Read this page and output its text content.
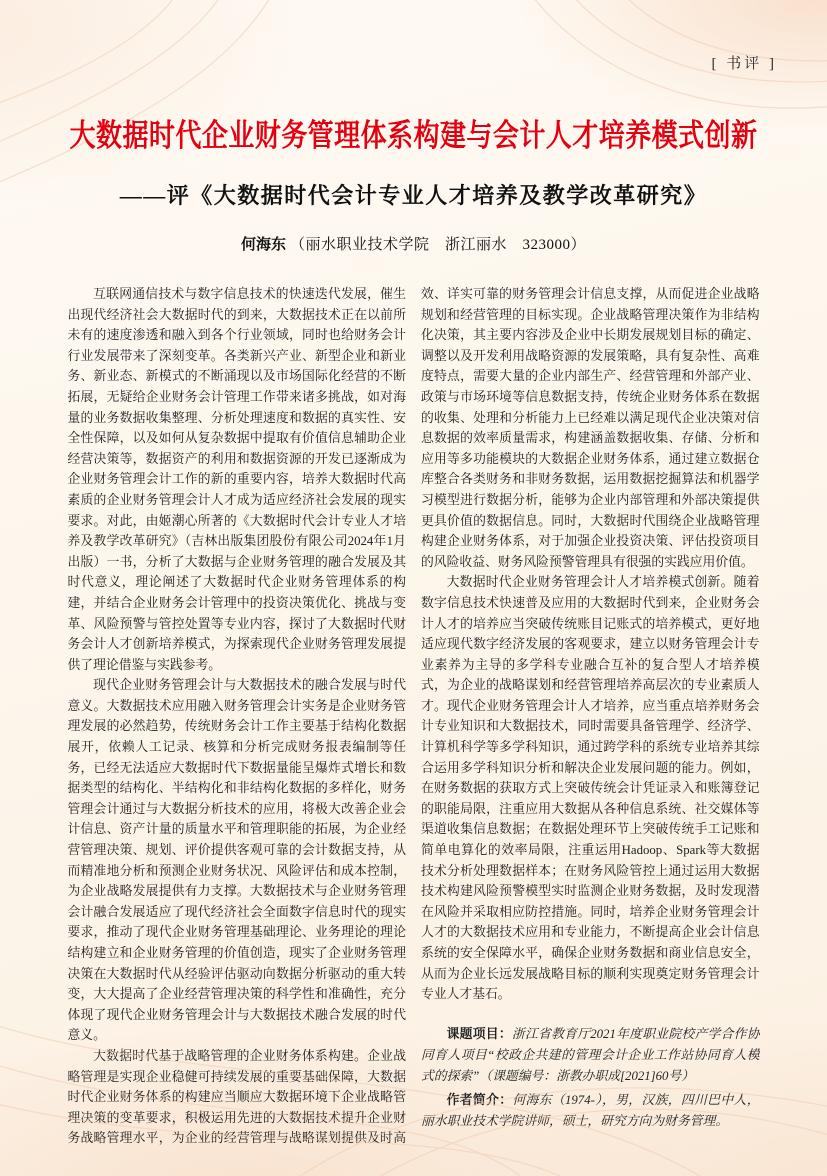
[ 书评 ]
大数据时代企业财务管理体系构建与会计人才培养模式创新
——评《大数据时代会计专业人才培养及教学改革研究》
何海东 （丽水职业技术学院　浙江丽水　323000）

互联网通信技术与数字信息技术的快速迭代发展，催生出现代经济社会大数据时代的到来，大数据技术正在以前所未有的速度渗透和融入到各个行业领域，同时也给财务会计行业发展带来了深刻变革。各类新兴产业、新型企业和新业务、新业态、新模式的不断涌现以及市场国际化经营的不断拓展，无疑给企业财务会计管理工作带来诸多挑战，如对海量的业务数据收集整理、分析处理速度和数据的真实性、安全性保障，以及如何从复杂数据中提取有价值信息辅助企业经营决策等，数据资产的利用和数据资源的开发已逐渐成为企业财务管理会计工作的新的重要内容，培养大数据时代高素质的企业财务管理会计人才成为适应经济社会发展的现实要求。对此，由姬潮心所著的《大数据时代会计专业人才培养及教学改革研究》（吉林出版集团股份有限公司2024年1月出版）一书，分析了大数据与企业财务管理的融合发展及其时代意义，理论阐述了大数据时代企业财务管理体系的构建，并结合企业财务会计管理中的投资决策优化、挑战与变革、风险预警与管控处置等专业内容，探讨了大数据时代财务会计人才创新培养模式，为探索现代企业财务管理发展提供了理论借鉴与实践参考。

现代企业财务管理会计与大数据技术的融合发展与时代意义。大数据技术应用融入财务管理会计实务是企业财务管理发展的必然趋势，传统财务会计工作主要基于结构化数据展开，依赖人工记录、核算和分析完成财务报表编制等任务，已经无法适应大数据时代下数据量能呈爆炸式增长和数据类型的结构化、半结构化和非结构化数据的多样化，财务管理会计通过与大数据分析技术的应用，将极大改善企业会计信息、资产计量的质量水平和管理职能的拓展，为企业经营管理决策、规划、评价提供客观可靠的会计数据支持，从而精准地分析和预测企业财务状况、风险评估和成本控制，为企业战略发展提供有力支撑。大数据技术与企业财务管理会计融合发展适应了现代经济社会全面数字信息时代的现实要求，推动了现代企业财务管理基础理论、业务理论的理论结构建立和企业财务管理的价值创造，现实了企业财务管理决策在大数据时代从经验评估驱动向数据分析驱动的重大转变，大大提高了企业经营管理决策的科学性和准确性，充分体现了现代企业财务管理会计与大数据技术融合发展的时代意义。

大数据时代基于战略管理的企业财务体系构建。企业战略管理是实现企业稳健可持续发展的重要基础保障，大数据时代企业财务体系的构建应当顺应大数据环境下企业战略管理决策的变革要求，积极运用先进的大数据技术提升企业财务战略管理水平，为企业的经营管理与战略谋划提供及时高效、详实可靠的财务管理会计信息支撑，从而促进企业战略规划和经营管理的目标实现。企业战略管理决策作为非结构化决策，其主要内容涉及企业中长期发展规划目标的确定、调整以及开发利用战略资源的发展策略，具有复杂性、高难度特点，需要大量的企业内部生产、经营管理和外部产业、政策与市场环境等信息数据支持，传统企业财务体系在数据的收集、处理和分析能力上已经难以满足现代企业决策对信息数据的效率质量需求，构建涵盖数据收集、存储、分析和应用等多功能模块的大数据企业财务体系，通过建立数据仓库整合各类财务和非财务数据，运用数据挖掘算法和机器学习模型进行数据分析，能够为企业内部管理和外部决策提供更具价值的数据信息。同时，大数据时代围绕企业战略管理构建企业财务体系，对于加强企业投资决策、评估投资项目的风险收益、财务风险预警管理具有很强的实践应用价值。

大数据时代企业财务管理会计人才培养模式创新。随着数字信息技术快速普及应用的大数据时代到来，企业财务会计人才的培养应当突破传统账目记账式的培养模式，更好地适应现代数字经济发展的客观要求，建立以财务管理会计专业素养为主导的多学科专业融合互补的复合型人才培养模式，为企业的战略谋划和经营管理培养高层次的专业素质人才。现代企业财务管理会计人才培养，应当重点培养财务会计专业知识和大数据技术，同时需要具备管理学、经济学、计算机科学等多学科知识，通过跨学科的系统专业培养其综合运用多学科知识分析和解决企业发展问题的能力。例如，在财务数据的获取方式上突破传统会计凭证录入和账簿登记的职能局限，注重应用大数据从各种信息系统、社交媒体等渠道收集信息数据；在数据处理环节上突破传统手工记账和简单电算化的效率局限，注重运用Hadoop、Spark等大数据技术分析处理数据样本；在财务风险管控上通过运用大数据技术构建风险预警模型实时监测企业财务数据，及时发现潜在风险并采取相应防控措施。同时，培养企业财务管理会计人才的大数据技术应用和专业能力，不断提高企业会计信息系统的安全保障水平，确保企业财务数据和商业信息安全，从而为企业长远发展战略目标的顺利实现奠定财务管理会计专业人才基石。

课题项目：浙江省教育厅2021年度职业院校产学合作协同育人项目“校政企共建的管理会计企业工作站协同育人模式的探索”（课题编号：浙教办职成[2021]60号）

作者简介：何海东（1974-），男，汉族，四川巴中人，丽水职业技术学院讲师，硕士，研究方向为财务管理。
